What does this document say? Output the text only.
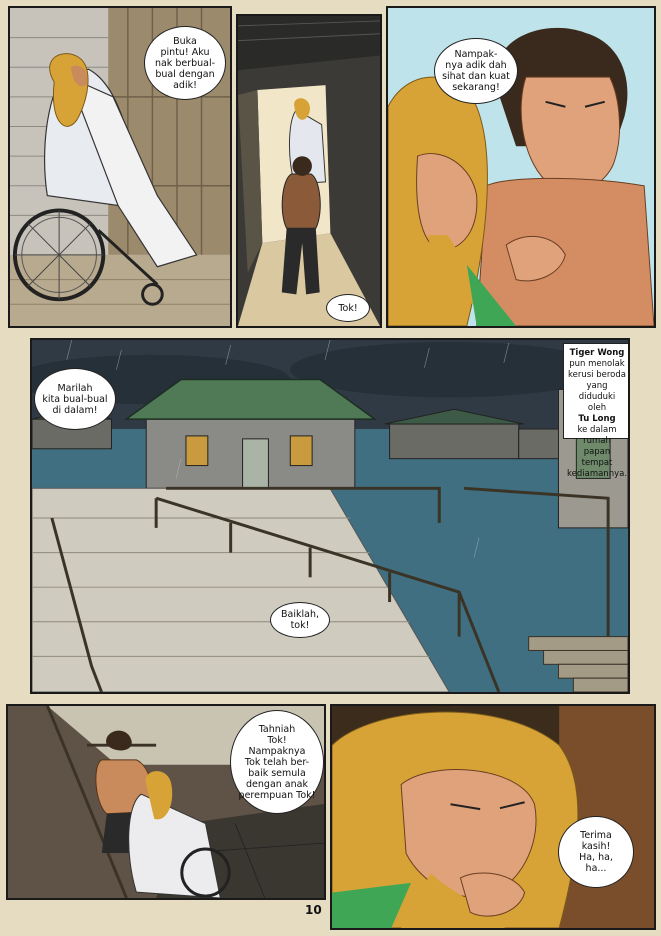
Buka
pintu! Aku
nak berbual-
bual dengan
adik!
Tok!
Nampak-
nya adik dah
sihat dan kuat
sekarang!
Marilah
kita bual-bual
di dalam!
Baiklah,
tok!
Tiger Wong
pun menolak
kerusi beroda
yang diduduki
oleh
Tu Long
ke dalam rumah
papan tempat
kediamannya.
Tahniah
Tok!
Nampaknya
Tok telah ber-
baik semula
dengan anak
perempuan Tok!
Terima
kasih!
Ha, ha,
ha...
10
